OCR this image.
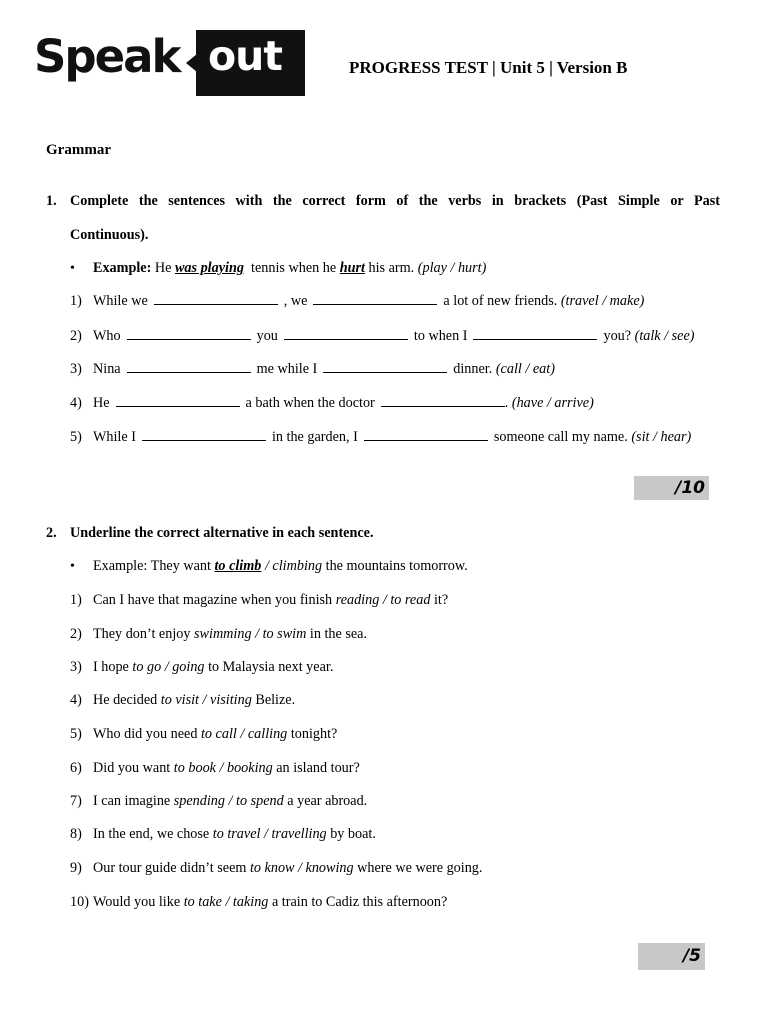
Speak out	PROGRESS TEST | Unit 5 | Version B
Grammar
1. Complete the sentences with the correct form of the verbs in brackets (Past Simple or Past
Continuous).
• Example: He was playing tennis when he hurt his arm. (play / hurt)
1) While we	, we	a lot of new friends. (travel / make)
2) Who	you	to when I	you? (talk / see)
3) Nina	me while I	dinner. (call / eat)
4) He	a bath when the doctor	. (have / arrive)
5) While I	in the garden, I	someone call my name. (sit / hear)
/10
2. Underline the correct alternative in each sentence.
• Example: They want to climb / climbing the mountains tomorrow.
1) Can I have that magazine when you finish reading / to read it?
2) They don’t enjoy swimming / to swim in the sea.
3) I hope to go / going to Malaysia next year.
4) He decided to visit / visiting Belize.
5) Who did you need to call / calling tonight?
6) Did you want to book / booking an island tour?
7) I can imagine spending / to spend a year abroad.
8) In the end, we chose to travel / travelling by boat.
9) Our tour guide didn’t seem to know / knowing where we were going.
10) Would you like to take / taking a train to Cadiz this afternoon?
/5
